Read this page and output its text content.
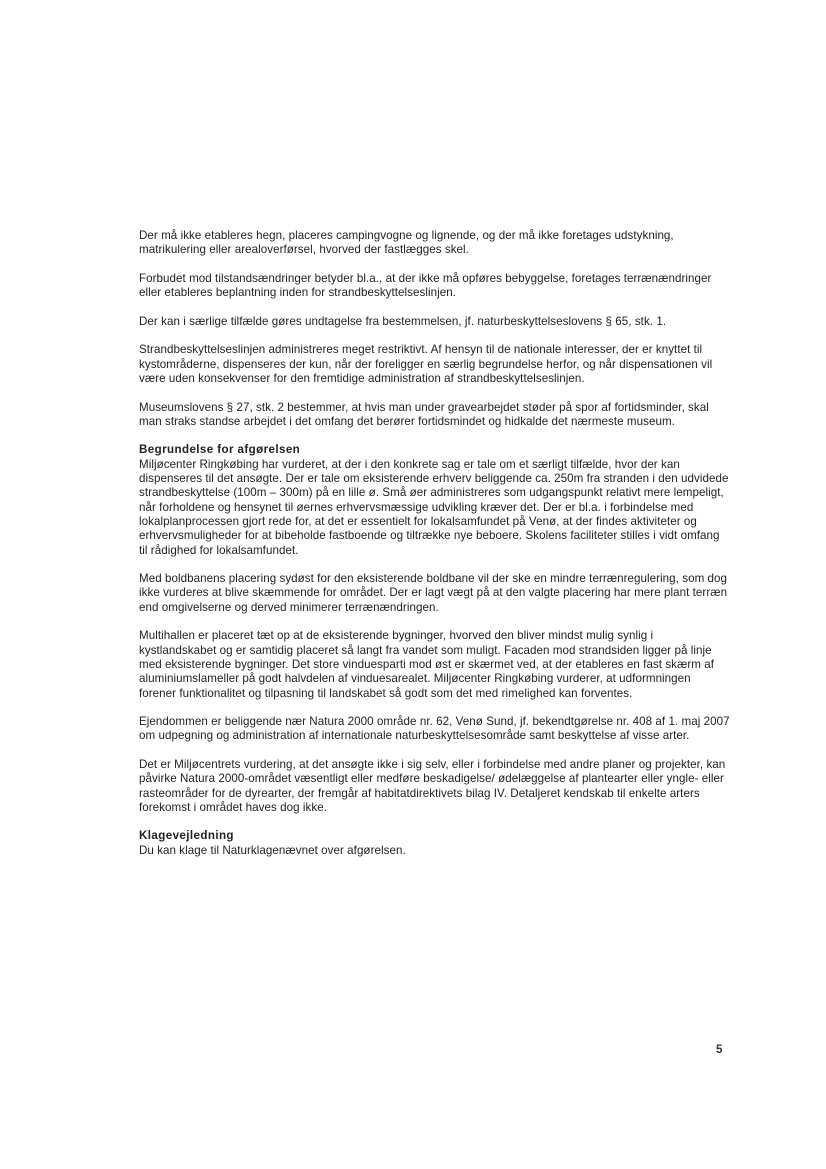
Der må ikke etableres hegn, placeres campingvogne og lignende, og der må ikke foretages udstykning, matrikulering eller arealoverførsel, hvorved der fastlægges skel.

Forbudet mod tilstandsændringer betyder bl.a., at der ikke må opføres bebyggelse, foretages terrænændringer eller etableres beplantning inden for strandbeskyttelseslinjen.

Der kan i særlige tilfælde gøres undtagelse fra bestemmelsen, jf. naturbeskyttelseslovens § 65, stk. 1.

Strandbeskyttelseslinjen administreres meget restriktivt. Af hensyn til de nationale interesser, der er knyttet til kystområderne, dispenseres der kun, når der foreligger en særlig begrundelse herfor, og når dispensationen vil være uden konsekvenser for den fremtidige administration af strandbeskyttelseslinjen.

Museumslovens § 27, stk. 2 bestemmer, at hvis man under gravearbejdet støder på spor af fortidsminder, skal man straks standse arbejdet i det omfang det berører fortidsmindet og hidkalde det nærmeste museum.

Begrundelse for afgørelsen

Miljøcenter Ringkøbing har vurderet, at der i den konkrete sag er tale om et særligt tilfælde, hvor der kan dispenseres til det ansøgte. Der er tale om eksisterende erhverv beliggende ca. 250m fra stranden i den udvidede strandbeskyttelse (100m – 300m) på en lille ø. Små øer administreres som udgangspunkt relativt mere lempeligt, når forholdene og hensynet til øernes erhvervsmæssige udvikling kræver det. Der er bl.a. i forbindelse med lokalplanprocessen gjort rede for, at det er essentielt for lokalsamfundet på Venø, at der findes aktiviteter og erhvervsmuligheder for at bibeholde fastboende og tiltrække nye beboere. Skolens faciliteter stilles i vidt omfang til rådighed for lokalsamfundet.

Med boldbanens placering sydøst for den eksisterende boldbane vil der ske en mindre terrænregulering, som dog ikke vurderes at blive skæmmende for området. Der er lagt vægt på at den valgte placering har mere plant terræn end omgivelserne og derved minimerer terrænændringen.

Multihallen er placeret tæt op at de eksisterende bygninger, hvorved den bliver mindst mulig synlig i kystlandskabet og er samtidig placeret så langt fra vandet som muligt. Facaden mod strandsiden ligger på linje med eksisterende bygninger. Det store vinduesparti mod øst er skærmet ved, at der etableres en fast skærm af aluminiumslameller på godt halvdelen af vinduesarealet. Miljøcenter Ringkøbing vurderer, at udformningen forener funktionalitet og tilpasning til landskabet så godt som det med rimelighed kan forventes.

Ejendommen er beliggende nær Natura 2000 område nr. 62, Venø Sund, jf. bekendtgørelse nr. 408 af 1. maj 2007 om udpegning og administration af internationale naturbeskyttelsesområde samt beskyttelse af visse arter.

Det er Miljøcentrets vurdering, at det ansøgte ikke i sig selv, eller i forbindelse med andre planer og projekter, kan påvirke Natura 2000-området væsentligt eller medføre beskadigelse/ ødelæggelse af plantearter eller yngle- eller rasteområder for de dyrearter, der fremgår af habitatdirektivets bilag IV. Detaljeret kendskab til enkelte arters forekomst i området haves dog ikke.

Klagevejledning

Du kan klage til Naturklagenævnet over afgørelsen.

5
